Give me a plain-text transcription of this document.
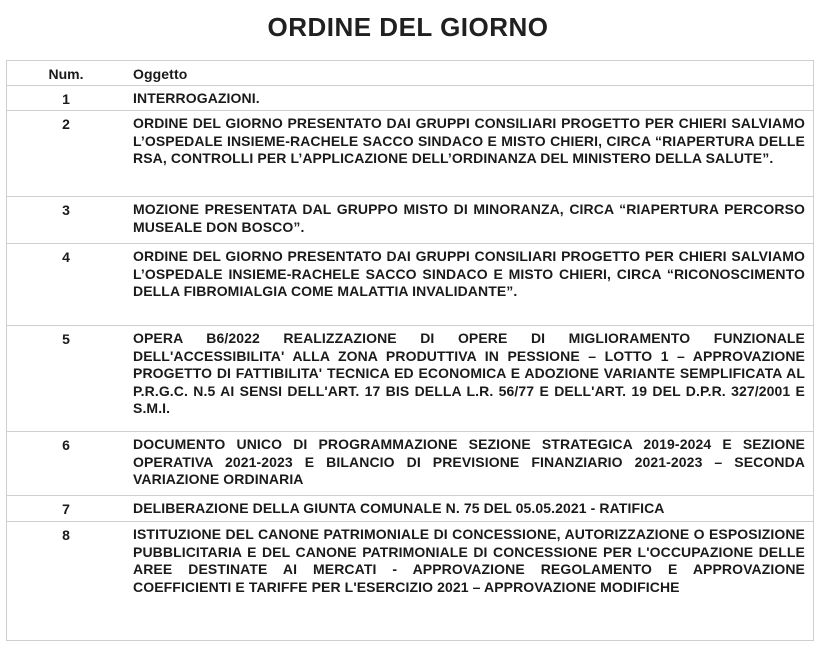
ORDINE DEL GIORNO
Num.	Oggetto
1	INTERROGAZIONI.
2	ORDINE DEL GIORNO PRESENTATO DAI GRUPPI CONSILIARI PROGETTO PER CHIERI SALVIAMO L’OSPEDALE INSIEME-RACHELE SACCO SINDACO E MISTO CHIERI, CIRCA “RIAPERTURA DELLE RSA, CONTROLLI PER L’APPLICAZIONE DELL’ORDINANZA DEL MINISTERO DELLA SALUTE”.
3	MOZIONE PRESENTATA DAL GRUPPO MISTO DI MINORANZA, CIRCA “RIAPERTURA PERCORSO MUSEALE DON BOSCO”.
4	ORDINE DEL GIORNO PRESENTATO DAI GRUPPI CONSILIARI PROGETTO PER CHIERI SALVIAMO L’OSPEDALE INSIEME-RACHELE SACCO SINDACO E MISTO CHIERI, CIRCA “RICONOSCIMENTO DELLA FIBROMIALGIA COME MALATTIA INVALIDANTE”.
5	OPERA B6/2022 REALIZZAZIONE DI OPERE DI MIGLIORAMENTO FUNZIONALE DELL'ACCESSIBILITA' ALLA ZONA PRODUTTIVA IN PESSIONE – LOTTO 1 – APPROVAZIONE PROGETTO DI FATTIBILITA' TECNICA ED ECONOMICA E ADOZIONE VARIANTE SEMPLIFICATA AL P.R.G.C. N.5 AI SENSI DELL'ART. 17 BIS DELLA L.R. 56/77 E DELL'ART. 19 DEL D.P.R. 327/2001 E S.M.I.
6	DOCUMENTO UNICO DI PROGRAMMAZIONE SEZIONE STRATEGICA 2019-2024 E SEZIONE OPERATIVA 2021-2023 E BILANCIO DI PREVISIONE FINANZIARIO 2021-2023 – SECONDA VARIAZIONE ORDINARIA
7	DELIBERAZIONE DELLA GIUNTA COMUNALE N. 75 DEL 05.05.2021 - RATIFICA
8	ISTITUZIONE DEL CANONE PATRIMONIALE DI CONCESSIONE, AUTORIZZAZIONE O ESPOSIZIONE PUBBLICITARIA E DEL CANONE PATRIMONIALE DI CONCESSIONE PER L'OCCUPAZIONE DELLE AREE DESTINATE AI MERCATI - APPROVAZIONE REGOLAMENTO E APPROVAZIONE COEFFICIENTI E TARIFFE PER L'ESERCIZIO 2021 – APPROVAZIONE MODIFICHE
